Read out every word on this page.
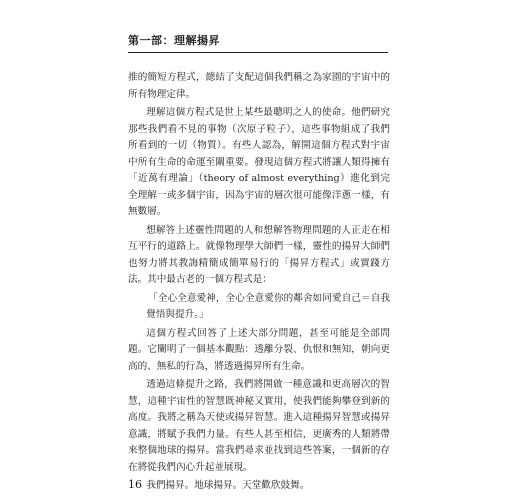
第一部：理解揚昇

推的簡短方程式，總結了支配這個我們稱之為家園的宇宙中的所有物理定律。

理解這個方程式是世上某些最聰明之人的使命。他們研究那些我們看不見的事物（次原子粒子），這些事物組成了我們所看到的一切（物質）。有些人認為，解開這個方程式對宇宙中所有生命的命運至關重要。發現這個方程式將讓人類得擁有「近萬有理論」（theory of almost everything）進化到完全理解一或多個宇宙，因為宇宙的層次很可能像洋蔥一樣，有無數層。

想解答上述靈性問題的人和想解答物理問題的人正走在相互平行的道路上。就像物理學大師們一樣，靈性的揚昇大師們也努力將其教誨精簡成簡單易行的「揚昇方程式」或實踐方法。其中最古老的一個方程式是：

「全心全意愛神，全心全意愛你的鄰舍如同愛自己＝自我覺悟與提升。」

這個方程式回答了上述大部分問題，甚至可能是全部問題。它闡明了一個基本觀點：透離分裂、仇恨和無知，朝向更高的、無私的行為，將透過揚昇所有生命。

透過這條提升之路，我們將開啟一種意識和更高層次的智慧，這種宇宙性的智慧既神秘又實用，使我們能夠攀登到新的高度。我將之稱為天使或揚昇智慧。進入這種揚昇智慧或揚昇意識，將賦予我們力量。有些人甚至相信，更廣秀的人類將帶來整個地球的揚昇。當我們尋求並找到這些答案，一個新的存在將從我們內心升起並展現。

我們揚昇。地球揚昇。天堂歡欣鼓舞。

16
